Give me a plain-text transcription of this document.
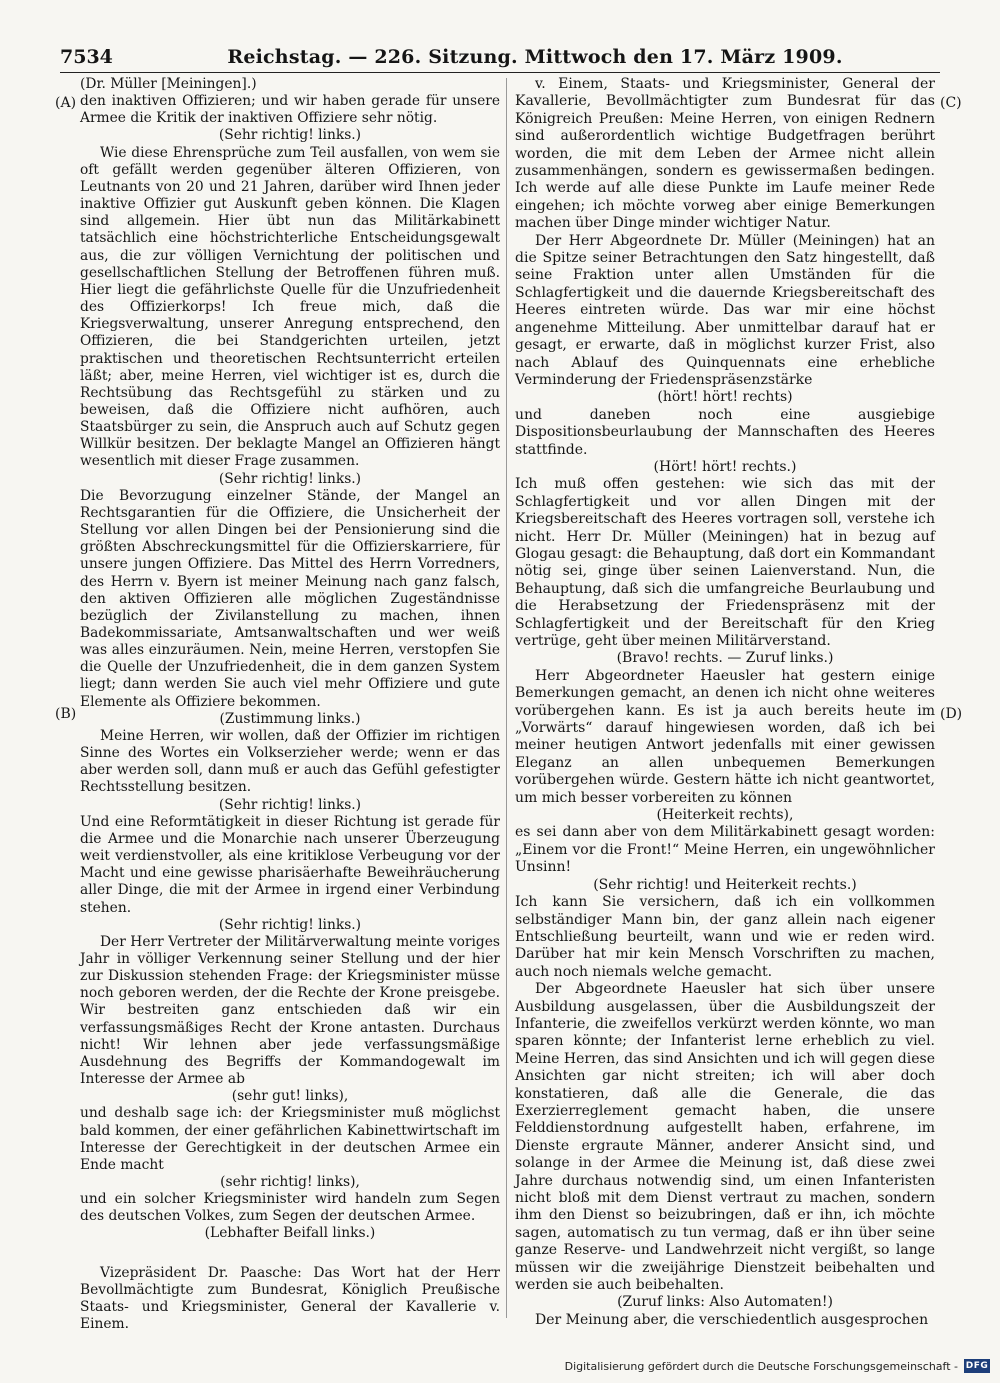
7534	Reichstag. — 226. Sitzung. Mittwoch den 17. März 1909.
(A)
(B)
(C)
(D)

(Dr. Müller [Meiningen].)

den inaktiven Offizieren; und wir haben gerade für unsere Armee die Kritik der inaktiven Offiziere sehr nötig.

(Sehr richtig! links.)

Wie diese Ehrensprüche zum Teil ausfallen, von wem sie oft gefällt werden gegenüber älteren Offizieren, von Leutnants von 20 und 21 Jahren, darüber wird Ihnen jeder inaktive Offizier gut Auskunft geben können. Die Klagen sind allgemein. Hier übt nun das Militärkabinett tatsächlich eine höchstrichterliche Entscheidungsgewalt aus, die zur völligen Vernichtung der politischen und gesellschaftlichen Stellung der Betroffenen führen muß. Hier liegt die gefährlichste Quelle für die Unzufriedenheit des Offizierkorps! Ich freue mich, daß die Kriegsverwaltung, unserer Anregung entsprechend, den Offizieren, die bei Standgerichten urteilen, jetzt praktischen und theoretischen Rechtsunterricht erteilen läßt; aber, meine Herren, viel wichtiger ist es, durch die Rechtsübung das Rechtsgefühl zu stärken und zu beweisen, daß die Offiziere nicht aufhören, auch Staatsbürger zu sein, die Anspruch auch auf Schutz gegen Willkür besitzen. Der beklagte Mangel an Offizieren hängt wesentlich mit dieser Frage zusammen.

(Sehr richtig! links.)

Die Bevorzugung einzelner Stände, der Mangel an Rechtsgarantien für die Offiziere, die Unsicherheit der Stellung vor allen Dingen bei der Pensionierung sind die größten Abschreckungsmittel für die Offizierskarriere, für unsere jungen Offiziere. Das Mittel des Herrn Vorredners, des Herrn v. Byern ist meiner Meinung nach ganz falsch, den aktiven Offizieren alle möglichen Zugeständnisse bezüglich der Zivilanstellung zu machen, ihnen Badekommissariate, Amtsanwaltschaften und wer weiß was alles einzuräumen. Nein, meine Herren, verstopfen Sie die Quelle der Unzufriedenheit, die in dem ganzen System liegt; dann werden Sie auch viel mehr Offiziere und gute Elemente als Offiziere bekommen.

(Zustimmung links.)

Meine Herren, wir wollen, daß der Offizier im richtigen Sinne des Wortes ein Volkserzieher werde; wenn er das aber werden soll, dann muß er auch das Gefühl gefestigter Rechtsstellung besitzen.

(Sehr richtig! links.)

Und eine Reformtätigkeit in dieser Richtung ist gerade für die Armee und die Monarchie nach unserer Überzeugung weit verdienstvoller, als eine kritiklose Verbeugung vor der Macht und eine gewisse pharisäerhafte Beweihräucherung aller Dinge, die mit der Armee in irgend einer Verbindung stehen.

(Sehr richtig! links.)

Der Herr Vertreter der Militärverwaltung meinte voriges Jahr in völliger Verkennung seiner Stellung und der hier zur Diskussion stehenden Frage: der Kriegsminister müsse noch geboren werden, der die Rechte der Krone preisgebe. Wir bestreiten ganz entschieden daß wir ein verfassungsmäßiges Recht der Krone antasten. Durchaus nicht! Wir lehnen aber jede verfassungsmäßige Ausdehnung des Begriffs der Kommandogewalt im Interesse der Armee ab

(sehr gut! links),

und deshalb sage ich: der Kriegsminister muß möglichst bald kommen, der einer gefährlichen Kabinettwirtschaft im Interesse der Gerechtigkeit in der deutschen Armee ein Ende macht

(sehr richtig! links),

und ein solcher Kriegsminister wird handeln zum Segen des deutschen Volkes, zum Segen der deutschen Armee.

(Lebhafter Beifall links.)

Vizepräsident Dr. Paasche: Das Wort hat der Herr Bevollmächtigte zum Bundesrat, Königlich Preußische Staats- und Kriegsminister, General der Kavallerie v. Einem.

v. Einem, Staats- und Kriegsminister, General der Kavallerie, Bevollmächtigter zum Bundesrat für das Königreich Preußen: Meine Herren, von einigen Rednern sind außerordentlich wichtige Budgetfragen berührt worden, die mit dem Leben der Armee nicht allein zusammenhängen, sondern es gewissermaßen bedingen. Ich werde auf alle diese Punkte im Laufe meiner Rede eingehen; ich möchte vorweg aber einige Bemerkungen machen über Dinge minder wichtiger Natur.

Der Herr Abgeordnete Dr. Müller (Meiningen) hat an die Spitze seiner Betrachtungen den Satz hingestellt, daß seine Fraktion unter allen Umständen für die Schlagfertigkeit und die dauernde Kriegsbereitschaft des Heeres eintreten würde. Das war mir eine höchst angenehme Mitteilung. Aber unmittelbar darauf hat er gesagt, er erwarte, daß in möglichst kurzer Frist, also nach Ablauf des Quinquennats eine erhebliche Verminderung der Friedenspräsenzstärke

(hört! hört! rechts)

und daneben noch eine ausgiebige Dispositionsbeurlaubung der Mannschaften des Heeres stattfinde.

(Hört! hört! rechts.)

Ich muß offen gestehen: wie sich das mit der Schlagfertigkeit und vor allen Dingen mit der Kriegsbereitschaft des Heeres vortragen soll, verstehe ich nicht. Herr Dr. Müller (Meiningen) hat in bezug auf Glogau gesagt: die Behauptung, daß dort ein Kommandant nötig sei, ginge über seinen Laienverstand. Nun, die Behauptung, daß sich die umfangreiche Beurlaubung und die Herabsetzung der Friedenspräsenz mit der Schlagfertigkeit und der Bereitschaft für den Krieg vertrüge, geht über meinen Militärverstand.

(Bravo! rechts. — Zuruf links.)

Herr Abgeordneter Haeusler hat gestern einige Bemerkungen gemacht, an denen ich nicht ohne weiteres vorübergehen kann. Es ist ja auch bereits heute im „Vorwärts“ darauf hingewiesen worden, daß ich bei meiner heutigen Antwort jedenfalls mit einer gewissen Eleganz an allen unbequemen Bemerkungen vorübergehen würde. Gestern hätte ich nicht geantwortet, um mich besser vorbereiten zu können

(Heiterkeit rechts),

es sei dann aber von dem Militärkabinett gesagt worden: „Einem vor die Front!“ Meine Herren, ein ungewöhnlicher Unsinn!

(Sehr richtig! und Heiterkeit rechts.)

Ich kann Sie versichern, daß ich ein vollkommen selbständiger Mann bin, der ganz allein nach eigener Entschließung beurteilt, wann und wie er reden wird. Darüber hat mir kein Mensch Vorschriften zu machen, auch noch niemals welche gemacht.

Der Abgeordnete Haeusler hat sich über unsere Ausbildung ausgelassen, über die Ausbildungszeit der Infanterie, die zweifellos verkürzt werden könnte, wo man sparen könnte; der Infanterist lerne erheblich zu viel. Meine Herren, das sind Ansichten und ich will gegen diese Ansichten gar nicht streiten; ich will aber doch konstatieren, daß alle die Generale, die das Exerzierreglement gemacht haben, die unsere Felddienstordnung aufgestellt haben, erfahrene, im Dienste ergraute Männer, anderer Ansicht sind, und solange in der Armee die Meinung ist, daß diese zwei Jahre durchaus notwendig sind, um einen Infanteristen nicht bloß mit dem Dienst vertraut zu machen, sondern ihm den Dienst so beizubringen, daß er ihn, ich möchte sagen, automatisch zu tun vermag, daß er ihn über seine ganze Reserve- und Landwehrzeit nicht vergißt, so lange müssen wir die zweijährige Dienstzeit beibehalten und werden sie auch beibehalten.

(Zuruf links: Also Automaten!)

Der Meinung aber, die verschiedentlich ausgesprochen

Digitalisierung gefördert durch die Deutsche Forschungsgemeinschaft - DFG
